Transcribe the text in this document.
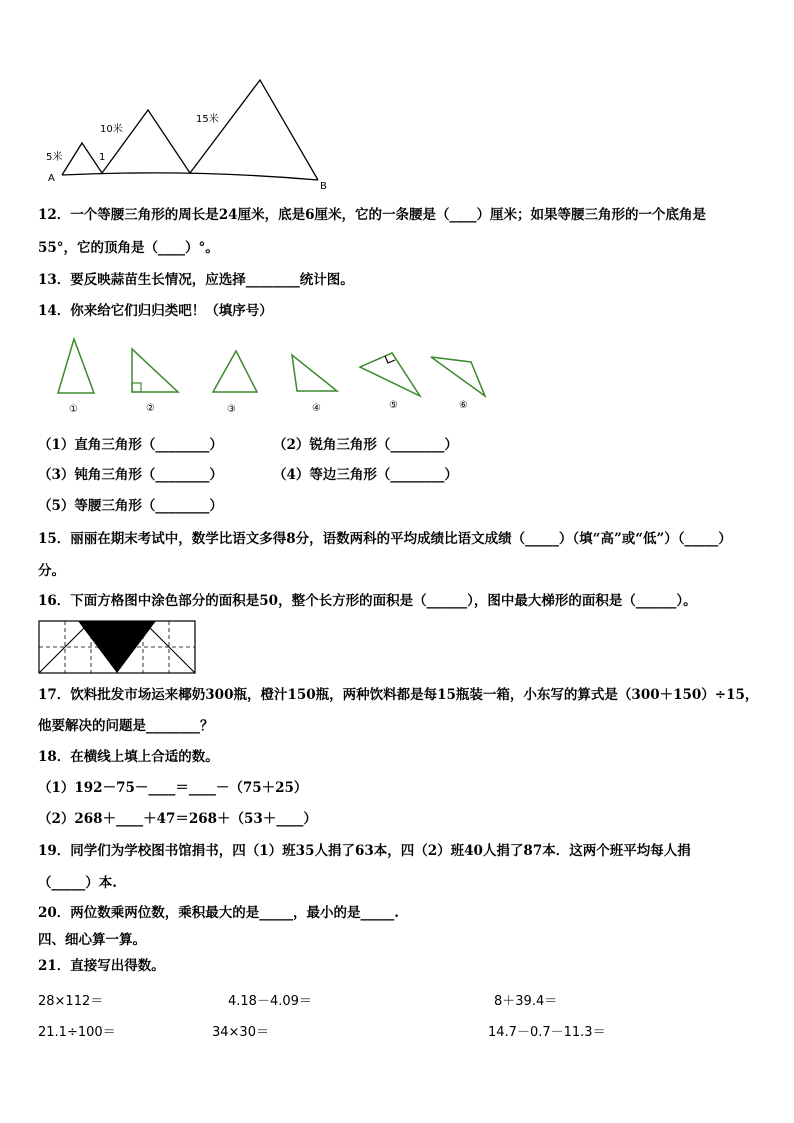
5米
10米
15米
1
A
B
12．一个等腰三角形的周长是24厘米，底是6厘米，它的一条腰是（____）厘米；如果等腰三角形的一个底角是
55°，它的顶角是（____）°。
13．要反映蒜苗生长情况，应选择________统计图。
14．你来给它们归归类吧！（填序号）
①	②	③	④	⑤	⑥
（1）直角三角形（________）	（2）锐角三角形（________）
（3）钝角三角形（________）	（4）等边三角形（________）
（5）等腰三角形（________）
15．丽丽在期末考试中，数学比语文多得8分，语数两科的平均成绩比语文成绩（_____）（填“高”或“低”）（_____）
分。
16．下面方格图中涂色部分的面积是50，整个长方形的面积是（______），图中最大梯形的面积是（______）。
17．饮料批发市场运来椰奶300瓶，橙汁150瓶，两种饮料都是每15瓶装一箱，小东写的算式是（300＋150）÷15，
他要解决的问题是________？
18．在横线上填上合适的数。
（1）192－75－____＝____－（75＋25）
（2）268＋____＋47＝268＋（53＋____）
19．同学们为学校图书馆捐书，四（1）班35人捐了63本，四（2）班40人捐了87本．这两个班平均每人捐
（_____）本.
20．两位数乘两位数，乘积最大的是_____，最小的是_____.
四、细心算一算。
21．直接写出得数。
28×112＝	4.18－4.09＝	8＋39.4＝
21.1÷100＝	34×30＝	14.7－0.7－11.3＝
